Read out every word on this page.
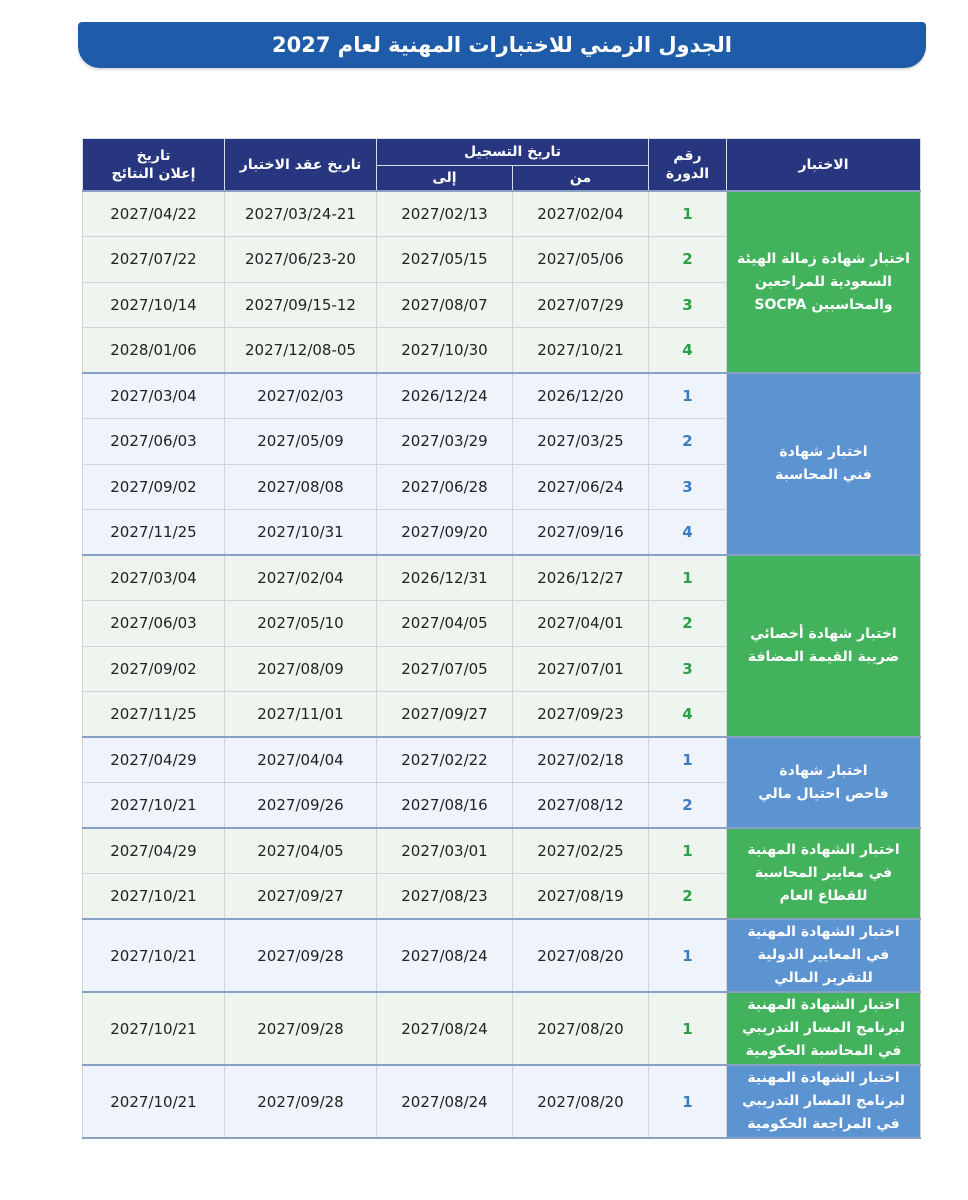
الجدول الزمني للاختبارات المهنية لعام 2027
الاختبار	رقم
الدورة	تاريخ التسجيل		تاريخ عقد الاختبار	تاريخ
إعلان النتائج
		من	إلى		
اختبار شهادة زمالة الهيئة السعودية للمراجعين والمحاسبين SOCPA	1	2027/02/04	2027/02/13	2027/03/24-21	2027/04/22
	2	2027/05/06	2027/05/15	2027/06/23-20	2027/07/22
	3	2027/07/29	2027/08/07	2027/09/15-12	2027/10/14
	4	2027/10/21	2027/10/30	2027/12/08-05	2028/01/06
اختبار شهادة
فني المحاسبة	1	2026/12/20	2026/12/24	2027/02/03	2027/03/04
	2	2027/03/25	2027/03/29	2027/05/09	2027/06/03
	3	2027/06/24	2027/06/28	2027/08/08	2027/09/02
	4	2027/09/16	2027/09/20	2027/10/31	2027/11/25
اختبار شهادة أخصائي
ضريبة القيمة المضافة	1	2026/12/27	2026/12/31	2027/02/04	2027/03/04
	2	2027/04/01	2027/04/05	2027/05/10	2027/06/03
	3	2027/07/01	2027/07/05	2027/08/09	2027/09/02
	4	2027/09/23	2027/09/27	2027/11/01	2027/11/25
اختبار شهادة
فاحص احتيال مالي	1	2027/02/18	2027/02/22	2027/04/04	2027/04/29
	2	2027/08/12	2027/08/16	2027/09/26	2027/10/21
اختبار الشهادة المهنية في معايير المحاسبة للقطاع العام	1	2027/02/25	2027/03/01	2027/04/05	2027/04/29
	2	2027/08/19	2027/08/23	2027/09/27	2027/10/21
اختبار الشهادة المهنية في المعايير الدولية للتقرير المالي	1	2027/08/20	2027/08/24	2027/09/28	2027/10/21
اختبار الشهادة المهنية لبرنامج المسار التدريبي في المحاسبة الحكومية	1	2027/08/20	2027/08/24	2027/09/28	2027/10/21
اختبار الشهادة المهنية لبرنامج المسار التدريبي في المراجعة الحكومية	1	2027/08/20	2027/08/24	2027/09/28	2027/10/21
